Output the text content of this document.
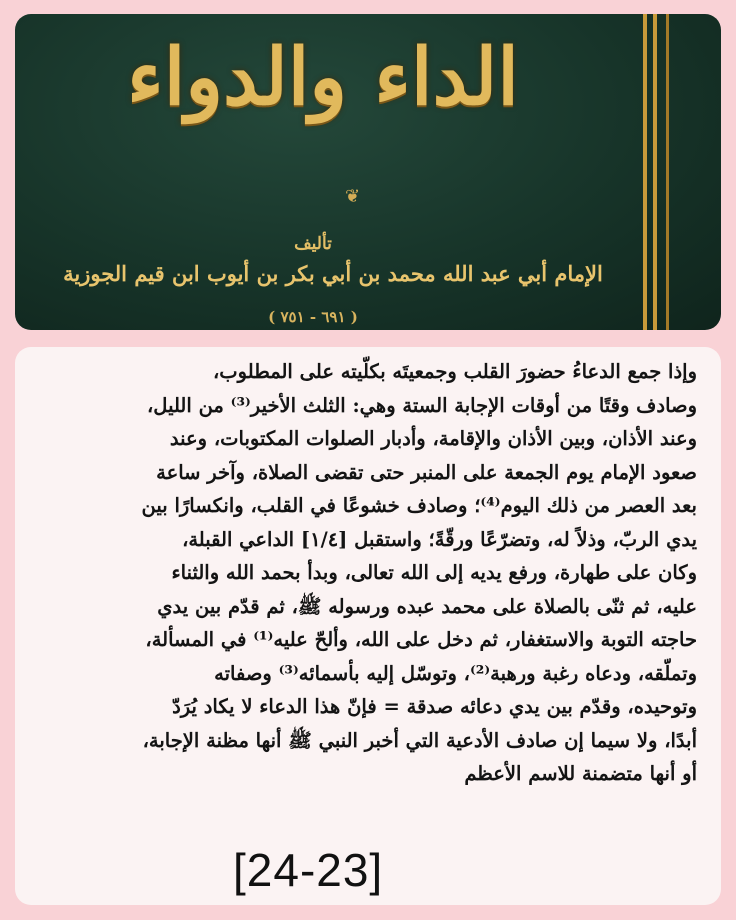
الداء والدواء
❦
تأليف
الإمام أبي عبد الله محمد بن أبي بكر بن أيوب ابن قيم الجوزية
( ٦٩١ - ٧٥١ )
وإذا جمع الدعاءُ حضورَ القلب وجمعيتَه بكلّيته على المطلوب،
وصادف وقتًا من أوقات الإجابة الستة وهي: الثلث الأخير⁽³⁾ من الليل،
وعند الأذان، وبين الأذان والإقامة، وأدبار الصلوات المكتوبات، وعند
صعود الإمام يوم الجمعة على المنبر حتى تقضى الصلاة، وآخر ساعة
بعد العصر من ذلك اليوم⁽⁴⁾؛ وصادف خشوعًا في القلب، وانكسارًا بين
يدي الربّ، وذلاً له، وتضرّعًا ورقّةً؛ واستقبل [١/٤] الداعي القبلة،
وكان على طهارة، ورفع يديه إلى الله تعالى، وبدأ بحمد الله والثناء
عليه، ثم ثنّى بالصلاة على محمد عبده ورسوله ﷺ، ثم قدّم بين يدي
حاجته التوبة والاستغفار، ثم دخل على الله، وألحّ عليه⁽¹⁾ في المسألة،
وتملّقه، ودعاه رغبة ورهبة⁽²⁾، وتوسّل إليه بأسمائه⁽³⁾ وصفاته
وتوحيده، وقدّم بين يدي دعائه صدقة = فإنّ هذا الدعاء لا يكاد يُرَدّ
أبدًا، ولا سيما إن صادف الأدعية التي أخبر النبي ﷺ أنها مظنة الإجابة،
أو أنها متضمنة للاسم الأعظم
[24-23]
